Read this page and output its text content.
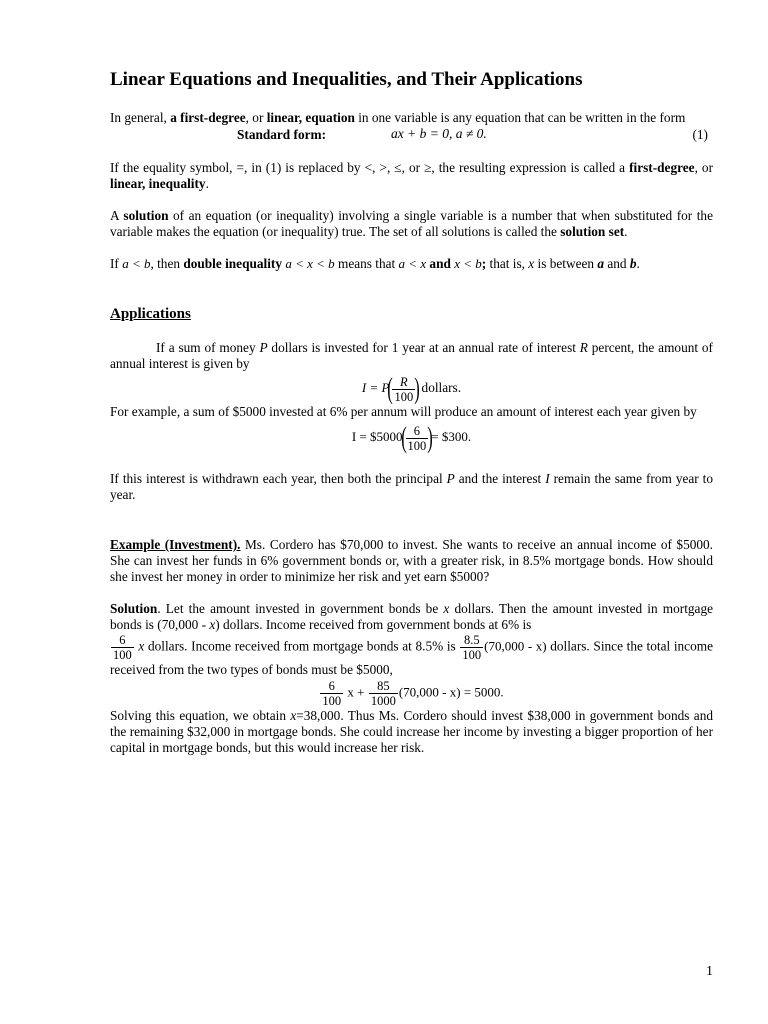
Linear Equations and Inequalities, and Their Applications

In general, a first-degree, or linear, equation in one variable is any equation that can be written in the form

Standard form:	ax + b = 0, a ≠ 0.	(1)

If the equality symbol, =, in (1) is replaced by <, >, ≤, or ≥, the resulting expression is called a first-degree, or linear, inequality.

A solution of an equation (or inequality) involving a single variable is a number that when substituted for the variable makes the equation (or inequality) true. The set of all solutions is called the solution set.

If a < b, then double inequality a < x < b means that a < x and x < b; that is, x is between a and b.

Applications

If a sum of money P dollars is invested for 1 year at an annual rate of interest R percent, the amount of annual interest is given by

I = P
( $\frac{R}{100}$ ) dollars.

For example, a sum of $5000 invested at 6% per annum will produce an amount of interest each year given by

I = $5000
( $\frac{6}{100}$ )
= $300.

If this interest is withdrawn each year, then both the principal P and the interest I remain the same from year to year.

Example (Investment). Ms. Cordero has $70,000 to invest. She wants to receive an annual income of $5000. She can invest her funds in 6% government bonds or, with a greater risk, in 8.5% mortgage bonds. How should she invest her money in order to minimize her risk and yet earn $5000?

Solution. Let the amount invested in government bonds be x dollars. Then the amount invested in mortgage bonds is (70,000 - x) dollars. Income received from government bonds at 6% is

$\frac{6}{100}$ x dollars. Income received from mortgage bonds at 8.5% is $\frac{8.5}{100} (70,000 - x)$ dollars. Since the total income received from the two types of bonds must be $5000,

$\frac{6}{100}$ $x + \frac{85}{1000} (70,000 - x) = 5000$.

Solving this equation, we obtain x=38,000. Thus Ms. Cordero should invest $38,000 in government bonds and the remaining $32,000 in mortgage bonds. She could increase her income by investing a bigger proportion of her capital in mortgage bonds, but this would increase her risk.

1
